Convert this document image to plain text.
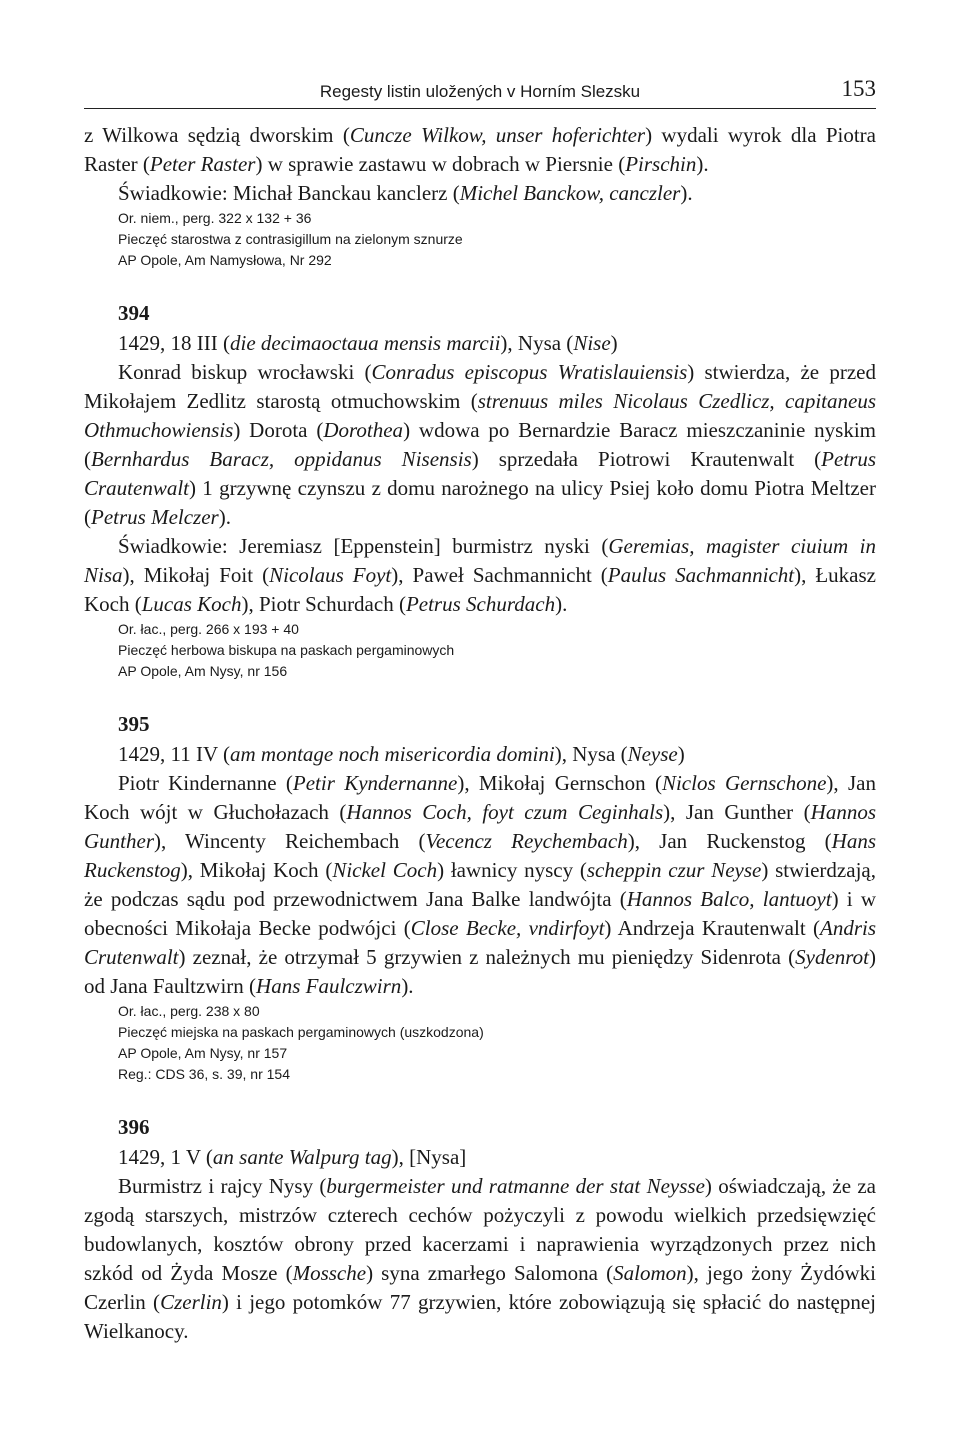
Regesty listin uložených v Horním Slezsku	153

z Wilkowa sędzią dworskim (Cuncze Wilkow, unser hoferichter) wydali wyrok dla Piotra Raster (Peter Raster) w sprawie zastawu w dobrach w Piersnie (Pirschin).

Świadkowie: Michał Banckau kanclerz (Michel Banckow, canczler).

Or. niem., perg. 322 x 132 + 36

Pieczęć starostwa z contrasigillum na zielonym sznurze

AP Opole, Am Namysłowa, Nr 292

394

1429, 18 III (die decimaoctaua mensis marcii), Nysa (Nise)

Konrad biskup wrocławski (Conradus episcopus Wratislauiensis) stwierdza, że przed Mikołajem Zedlitz starostą otmuchowskim (strenuus miles Nicolaus Czedlicz, capitaneus Othmuchowiensis) Dorota (Dorothea) wdowa po Bernardzie Baracz mieszczaninie nyskim (Bernhardus Baracz, oppidanus Nisensis) sprzedała Piotrowi Krautenwalt (Petrus Crautenwalt) 1 grzywnę czynszu z domu narożnego na ulicy Psiej koło domu Piotra Meltzer (Petrus Melczer).

Świadkowie: Jeremiasz [Eppenstein] burmistrz nyski (Geremias, magister ciuium in Nisa), Mikołaj Foit (Nicolaus Foyt), Paweł Sachmannicht (Paulus Sachmannicht), Łukasz Koch (Lucas Koch), Piotr Schurdach (Petrus Schurdach).

Or. łac., perg. 266 x 193 + 40

Pieczęć herbowa biskupa na paskach pergaminowych

AP Opole, Am Nysy, nr 156

395

1429, 11 IV (am montage noch misericordia domini), Nysa (Neyse)

Piotr Kindernanne (Petir Kyndernanne), Mikołaj Gernschon (Niclos Gernschone), Jan Koch wójt w Głuchołazach (Hannos Coch, foyt czum Ceginhals), Jan Gunther (Hannos Gunther), Wincenty Reichembach (Vecencz Reychembach), Jan Ruckenstog (Hans Ruckenstog), Mikołaj Koch (Nickel Coch) ławnicy nyscy (scheppin czur Neyse) stwierdzają, że podczas sądu pod przewodnictwem Jana Balke landwójta (Hannos Balco, lantuoyt) i w obecności Mikołaja Becke podwójci (Close Becke, vndirfoyt) Andrzeja Krautenwalt (Andris Crutenwalt) zeznał, że otrzymał 5 grzywien z należnych mu pieniędzy Sidenrota (Sydenrot) od Jana Faultzwirn (Hans Faulczwirn).

Or. łac., perg. 238 x 80

Pieczęć miejska na paskach pergaminowych (uszkodzona)

AP Opole, Am Nysy, nr 157

Reg.: CDS 36, s. 39, nr 154

396

1429, 1 V (an sante Walpurg tag), [Nysa]

Burmistrz i rajcy Nysy (burgermeister und ratmanne der stat Neysse) oświadczają, że za zgodą starszych, mistrzów czterech cechów pożyczyli z powodu wielkich przedsięwzięć budowlanych, kosztów obrony przed kacerzami i naprawienia wyrządzonych przez nich szkód od Żyda Mosze (Mossche) syna zmarłego Salomona (Salomon), jego żony Żydówki Czerlin (Czerlin) i jego potomków 77 grzywien, które zobowiązują się spłacić do następnej Wielkanocy.
